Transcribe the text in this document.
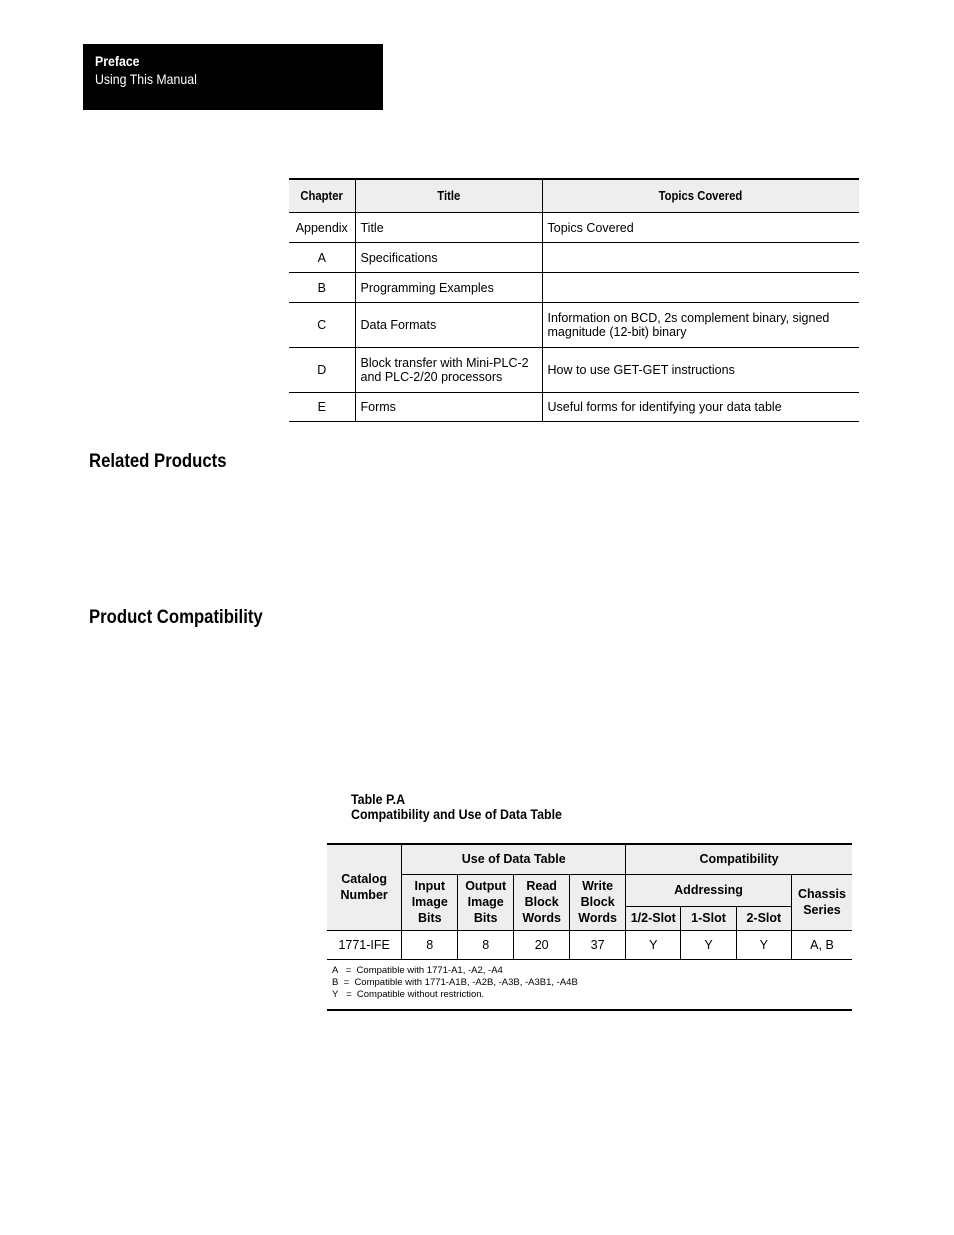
Preface
Using This Manual
Chapter	Title	Topics Covered
Appendix	Title	Topics Covered
A	Specifications	
B	Programming Examples	
C	Data Formats	Information on BCD, 2s complement binary, signed magnitude (12-bit) binary
D	Block transfer with Mini-PLC-2 and PLC-2/20 processors	How to use GET-GET instructions
E	Forms	Useful forms for identifying your data table
Related Products
Product Compatibility
Table P.A
Compatibility and Use of Data Table
Catalog Number	Use of Data Table				Compatibility			
	Input Image Bits	Output Image Bits	Read Block Words	Write Block Words	Addressing			Chassis Series
					1/2-Slot	1-Slot	2-Slot	
1771-IFE	8	8	20	37	Y	Y	Y	A, B

A   =  Compatible with 1771-A1, -A2, -A4
B  =  Compatible with 1771-A1B, -A2B, -A3B, -A3B1, -A4B
Y   =  Compatible without restriction.								
